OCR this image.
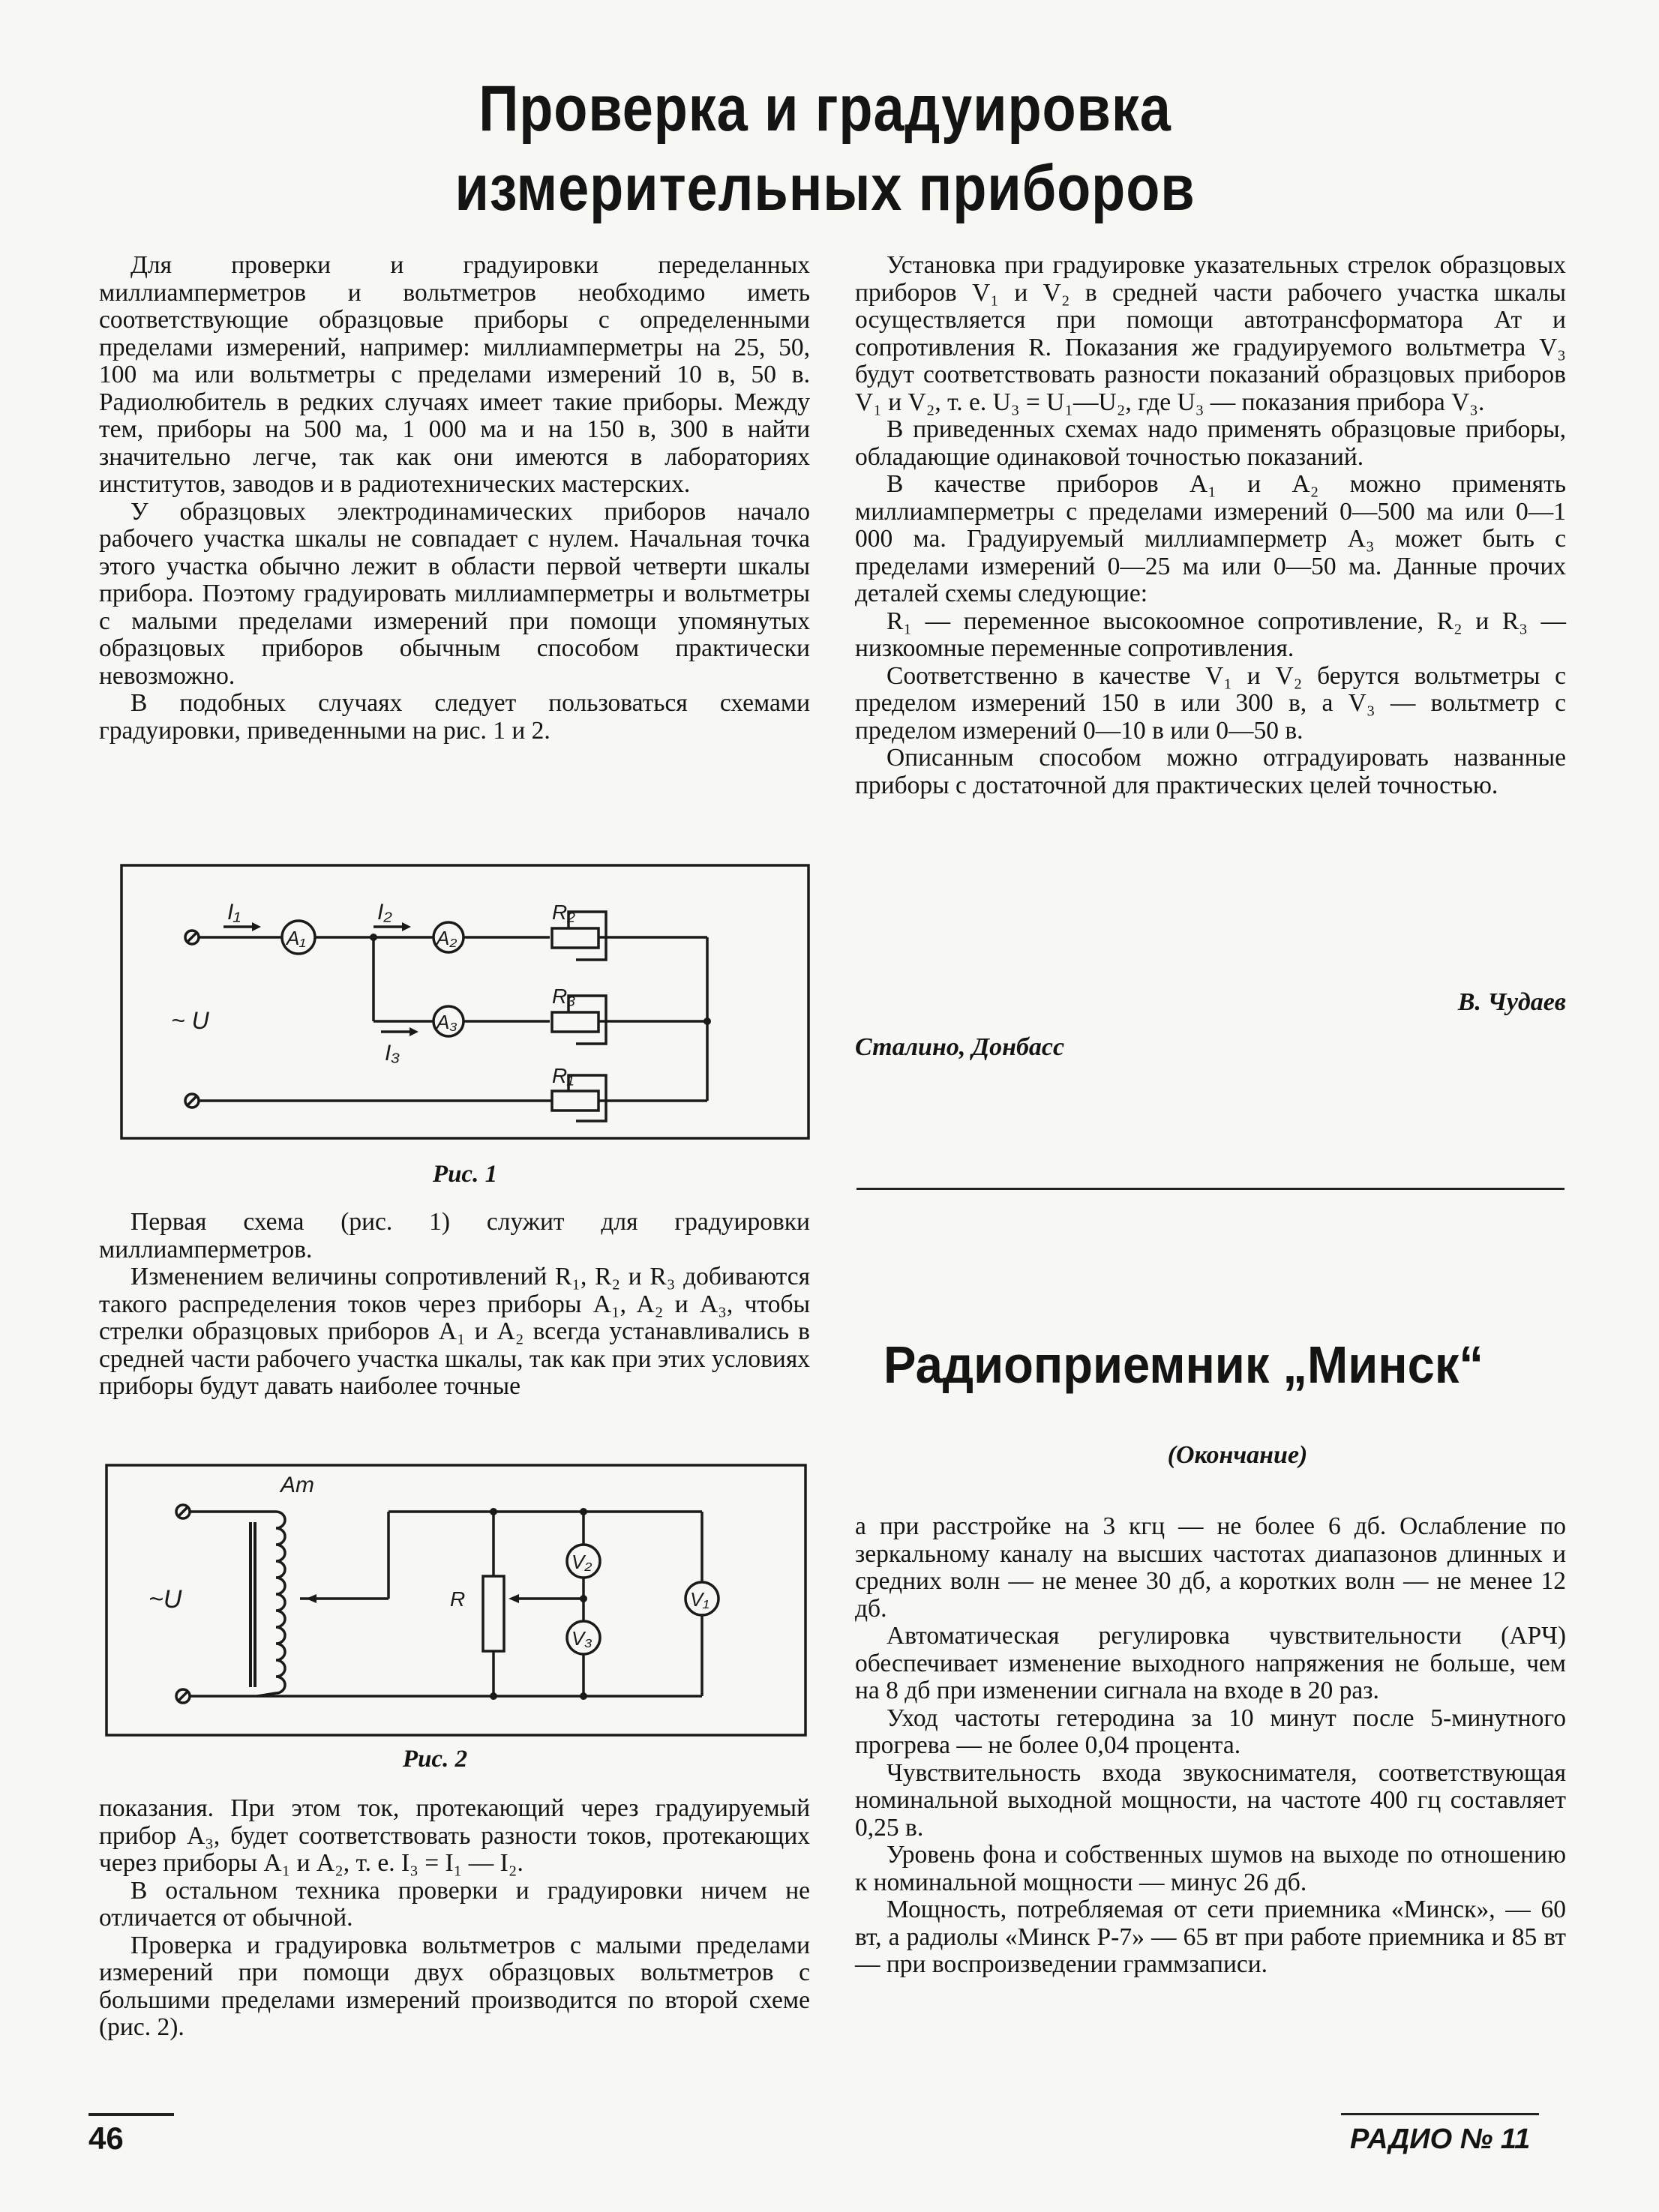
Проверка и градуировка измерительных приборов

Для проверки и градуировки переделанных миллиамперметров и вольтметров необходимо иметь соответствующие образцовые приборы с определенными пределами измерений, например: миллиамперметры на 25, 50, 100 ма или вольтметры с пределами измерений 10 в, 50 в. Радиолюбитель в редких случаях имеет такие приборы. Между тем, приборы на 500 ма, 1 000 ма и на 150 в, 300 в найти значительно легче, так как они имеются в лабораториях институтов, заводов и в радиотехнических мастерских.

У образцовых электродинамических приборов начало рабочего участка шкалы не совпадает с нулем. Начальная точка этого участка обычно лежит в области первой четверти шкалы прибора. Поэтому градуировать миллиамперметры и вольтметры с малыми пределами измерений при помощи упомянутых образцовых приборов обычным способом практически невозможно.

В подобных случаях следует пользоваться схемами градуировки, приведенными на рис. 1 и 2.

I₁	I₂
I₃
A₁	A₂
A₃
R₂
R₃
R₁
~ U
Рис. 1

Первая схема (рис. 1) служит для градуировки миллиамперметров.

Изменением величины сопротивлений R₁, R₂ и R₃ добиваются такого распределения токов через приборы A₁, A₂ и A₃, чтобы стрелки образцовых приборов A₁ и A₂ всегда устанавливались в средней части рабочего участка шкалы, так как при этих условиях приборы будут давать наиболее точные

Aт
~U	R
V₂
V₃
V₁
Рис. 2

показания. При этом ток, протекающий через градуируемый прибор A₃, будет соответствовать разности токов, протекающих через приборы A₁ и A₂, т. е. I₃ = I₁ — I₂.

В остальном техника проверки и градуировки ничем не отличается от обычной.

Проверка и градуировка вольтметров с малыми пределами измерений при помощи двух образцовых вольтметров с большими пределами измерений производится по второй схеме (рис. 2).

Установка при градуировке указательных стрелок образцовых приборов V₁ и V₂ в средней части рабочего участка шкалы осуществляется при помощи автотрансформатора Ат и сопротивления R. Показания же градуируемого вольтметра V₃ будут соответствовать разности показаний образцовых приборов V₁ и V₂, т. е. U₃ = U₁—U₂, где U₃ — показания прибора V₃.

В приведенных схемах надо применять образцовые приборы, обладающие одинаковой точностью показаний.

В качестве приборов A₁ и A₂ можно применять миллиамперметры с пределами измерений 0—500 ма или 0—1 000 ма. Градуируемый миллиамперметр A₃ может быть с пределами измерений 0—25 ма или 0—50 ма. Данные прочих деталей схемы следующие:

R₁ — переменное высокоомное сопротивление, R₂ и R₃ — низкоомные переменные сопротивления.

Соответственно в качестве V₁ и V₂ берутся вольтметры с пределом измерений 150 в или 300 в, а V₃ — вольтметр с пределом измерений 0—10 в или 0—50 в.

Описанным способом можно отградуировать названные приборы с достаточной для практических целей точностью.

В. Чудаев
Сталино, Донбасс
Радиоприемник „Минск“
(Окончание)

а при расстройке на 3 кгц — не более 6 дб. Ослабление по зеркальному каналу на высших частотах диапазонов длинных и средних волн — не менее 30 дб, а коротких волн — не менее 12 дб.

Автоматическая регулировка чувствительности (АРЧ) обеспечивает изменение выходного напряжения не больше, чем на 8 дб при изменении сигнала на входе в 20 раз.

Уход частоты гетеродина за 10 минут после 5-минутного прогрева — не более 0,04 процента.

Чувствительность входа звукоснимателя, соответствующая номинальной выходной мощности, на частоте 400 гц составляет 0,25 в.

Уровень фона и собственных шумов на выходе по отношению к номинальной мощности — минус 26 дб.

Мощность, потребляемая от сети приемника «Минск», — 60 вт, а радиолы «Минск Р-7» — 65 вт при работе приемника и 85 вт — при воспроизведении граммзаписи.

46	РАДИО № 11
